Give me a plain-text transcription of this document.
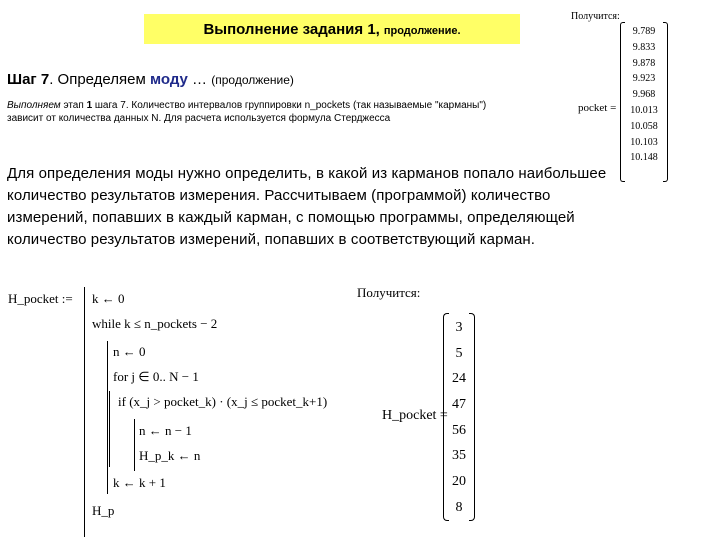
Выполнение задания 1, продолжение.
Шаг 7. Определяем моду … (продолжение)
Выполняем этап 1 шага 7. Количество интервалов группировки n_pockets (так называемые "карманы") зависит от количества данных N. Для расчета используется формула Стерджесса
Для определения моды нужно определить, в какой из карманов попало наибольшее количество результатов измерения. Рассчитываем (программой) количество измерений, попавших в каждый карман, с помощью программы, определяющей количество результатов измерений, попавших в соответствующий карман.
Получится:
pocket =
9.789
9.833
9.878
9.923
9.968
10.013
10.058
10.103
10.148
H_pocket := k ← 0
while k ≤ n_pockets − 2
n ← 0
for j ∈ 0.. N − 1
if (x_j > pocket_k) · (x_j ≤ pocket_k+1)
n ← n − 1
H_p_k ← n
k ← k + 1
H_p
Получится:
H_pocket =
3
5
24
47
56
35
20
8
